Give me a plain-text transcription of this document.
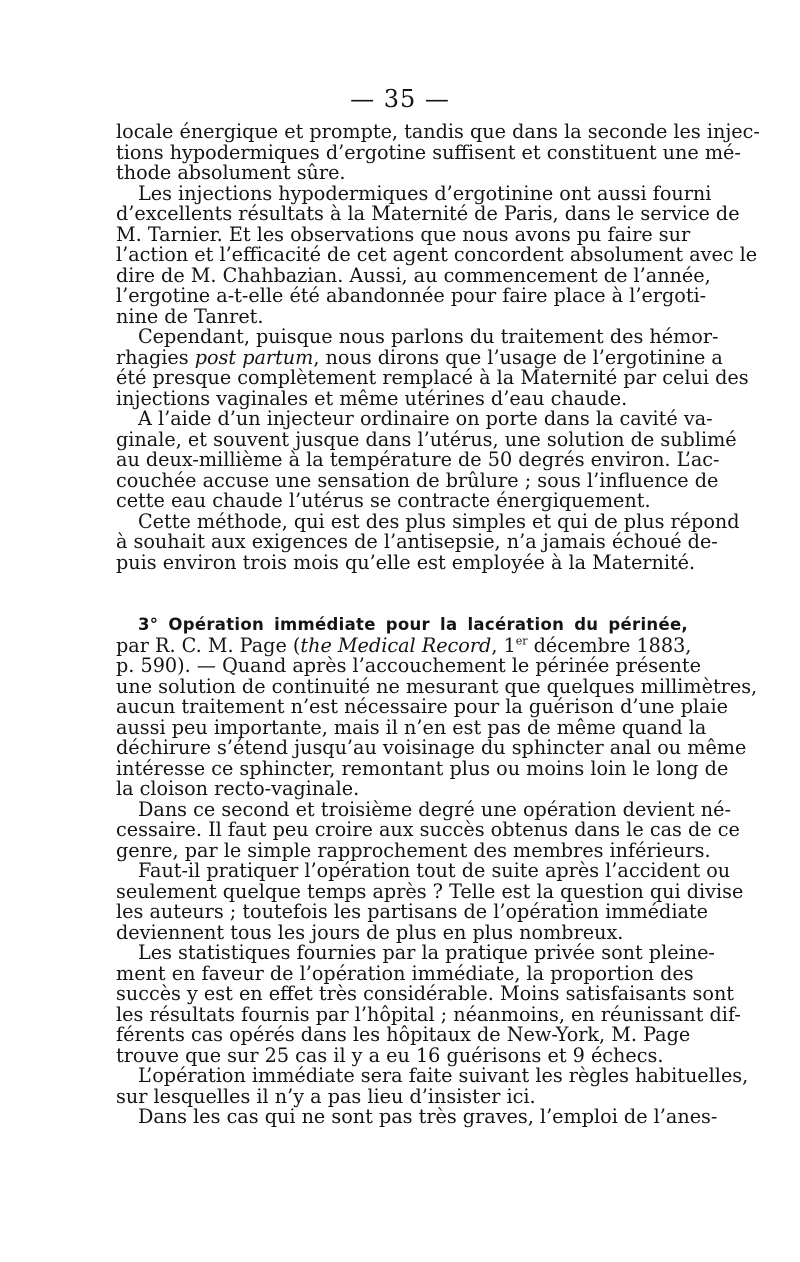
— 35 —
locale énergique et prompte, tandis que dans la seconde les injec-
tions hypodermiques d’ergotine suffisent et constituent une mé-
thode absolument sûre.
Les injections hypodermiques d’ergotinine ont aussi fourni
d’excellents résultats à la Maternité de Paris, dans le service de
M. Tarnier. Et les observations que nous avons pu faire sur
l’action et l’efficacité de cet agent concordent absolument avec le
dire de M. Chahbazian. Aussi, au commencement de l’année,
l’ergotine a-t-elle été abandonnée pour faire place à l’ergoti-
nine de Tanret.
Cependant, puisque nous parlons du traitement des hémor-
rhagies post partum, nous dirons que l’usage de l’ergotinine a
été presque complètement remplacé à la Maternité par celui des
injections vaginales et même utérines d’eau chaude.
A l’aide d’un injecteur ordinaire on porte dans la cavité va-
ginale, et souvent jusque dans l’utérus, une solution de sublimé
au deux-millième à la température de 50 degrés environ. L’ac-
couchée accuse une sensation de brûlure ; sous l’influence de
cette eau chaude l’utérus se contracte énergiquement.
Cette méthode, qui est des plus simples et qui de plus répond
à souhait aux exigences de l’antisepsie, n’a jamais échoué de-
puis environ trois mois qu’elle est employée à la Maternité.
3° Opération immédiate pour la lacération du périnée,
par R. C. M. Page (the Medical Record, 1er décembre 1883,
p. 590). — Quand après l’accouchement le périnée présente
une solution de continuité ne mesurant que quelques millimètres,
aucun traitement n’est nécessaire pour la guérison d’une plaie
aussi peu importante, mais il n’en est pas de même quand la
déchirure s’étend jusqu’au voisinage du sphincter anal ou même
intéresse ce sphincter, remontant plus ou moins loin le long de
la cloison recto-vaginale.
Dans ce second et troisième degré une opération devient né-
cessaire. Il faut peu croire aux succès obtenus dans le cas de ce
genre, par le simple rapprochement des membres inférieurs.
Faut-il pratiquer l’opération tout de suite après l’accident ou
seulement quelque temps après ? Telle est la question qui divise
les auteurs ; toutefois les partisans de l’opération immédiate
deviennent tous les jours de plus en plus nombreux.
Les statistiques fournies par la pratique privée sont pleine-
ment en faveur de l’opération immédiate, la proportion des
succès y est en effet très considérable. Moins satisfaisants sont
les résultats fournis par l’hôpital ; néanmoins, en réunissant dif-
férents cas opérés dans les hôpitaux de New-York, M. Page
trouve que sur 25 cas il y a eu 16 guérisons et 9 échecs.
L’opération immédiate sera faite suivant les règles habituelles,
sur lesquelles il n’y a pas lieu d’insister ici.
Dans les cas qui ne sont pas très graves, l’emploi de l’anes-
